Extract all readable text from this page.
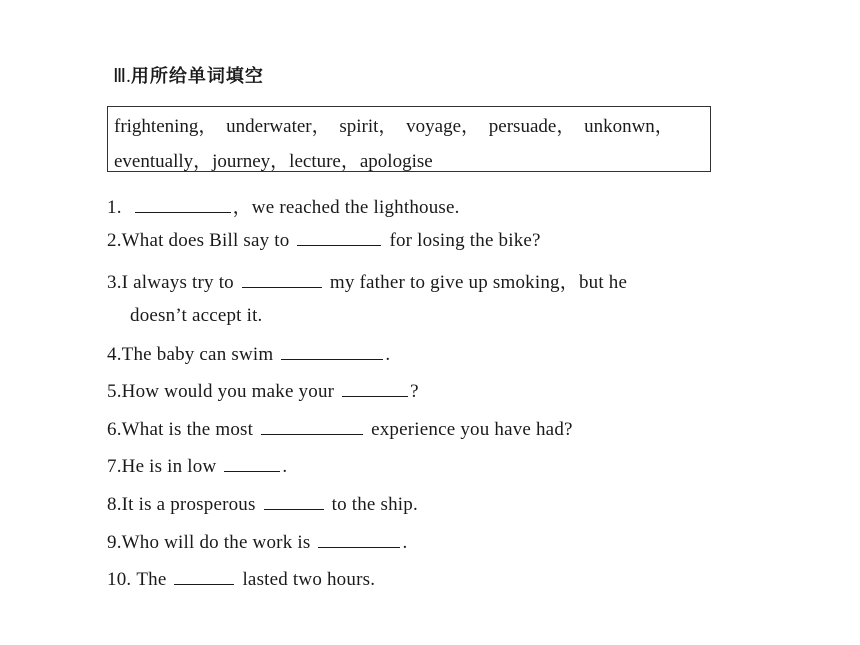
Ⅲ.用所给单词填空
frightening， underwater， spirit， voyage， persuade， unkonwn，
eventually，journey，lecture，apologise
1.	，we reached the lighthouse.
2.What does Bill say to	for losing the bike?
3.I always try to	my father to give up smoking，but he
doesn’t accept it.
4.The baby can swim	.
5.How would you make your	?
6.What is the most	experience you have had?
7.He is in low	.
8.It is a prosperous	to the ship.
9.Who will do the work is	.
10. The	lasted two hours.
